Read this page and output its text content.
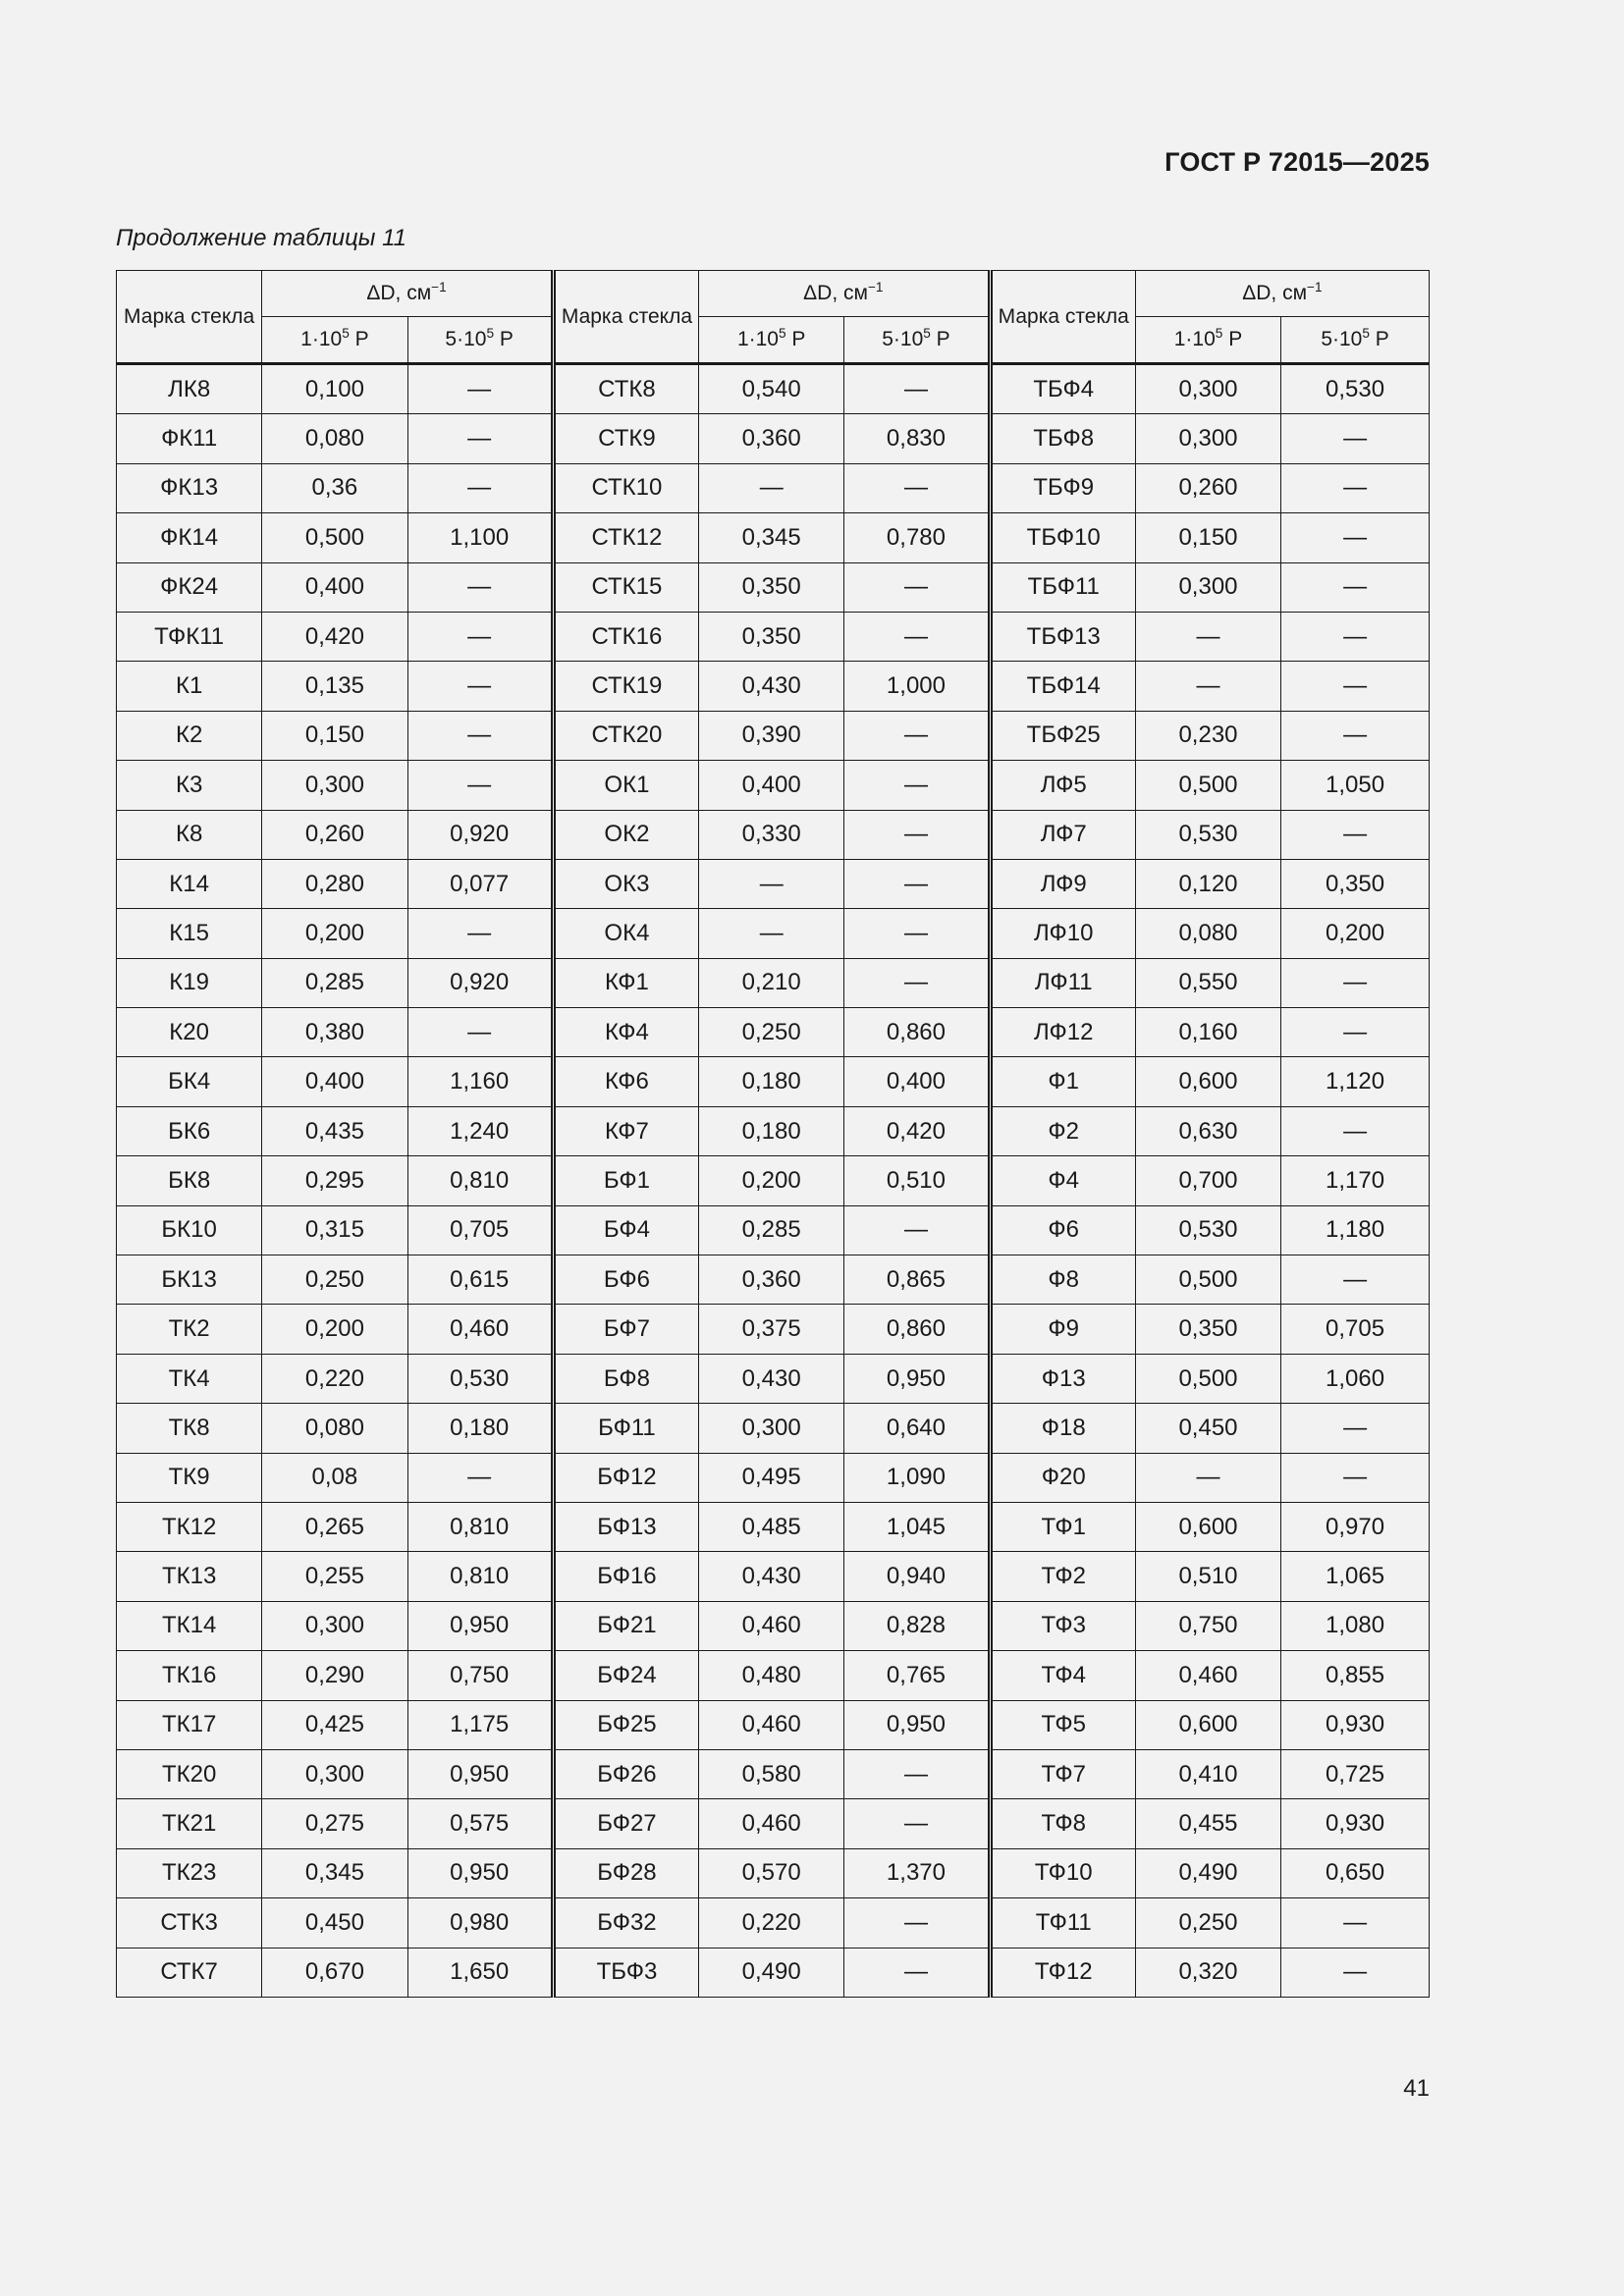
ГОСТ Р 72015—2025
Продолжение таблицы 11
Марка стекла	ΔD, $см^{-1}$		Марка стекла	ΔD, $см^{-1}$		Марка стекла	ΔD, $см^{-1}$
	$1\cdot 10^5$ Р	$5\cdot 10^5$ Р		$1\cdot 10^5$ Р	$5\cdot 10^5$ Р		$1\cdot 10^5$ Р	$5\cdot 10^5$ Р
ЛК8	0,100	—	СТК8	0,540	—	ТБФ4	0,300	0,530
ФК11	0,080	—	СТК9	0,360	0,830	ТБФ8	0,300	—
ФК13	0,36	—	СТК10	—	—	ТБФ9	0,260	—
ФК14	0,500	1,100	СТК12	0,345	0,780	ТБФ10	0,150	—
ФК24	0,400	—	СТК15	0,350	—	ТБФ11	0,300	—
ТФК11	0,420	—	СТК16	0,350	—	ТБФ13	—	—
К1	0,135	—	СТК19	0,430	1,000	ТБФ14	—	—
К2	0,150	—	СТК20	0,390	—	ТБФ25	0,230	—
К3	0,300	—	ОК1	0,400	—	ЛФ5	0,500	1,050
К8	0,260	0,920	ОК2	0,330	—	ЛФ7	0,530	—
К14	0,280	0,077	ОК3	—	—	ЛФ9	0,120	0,350
К15	0,200	—	ОК4	—	—	ЛФ10	0,080	0,200
К19	0,285	0,920	КФ1	0,210	—	ЛФ11	0,550	—
К20	0,380	—	КФ4	0,250	0,860	ЛФ12	0,160	—
БК4	0,400	1,160	КФ6	0,180	0,400	Ф1	0,600	1,120
БК6	0,435	1,240	КФ7	0,180	0,420	Ф2	0,630	—
БК8	0,295	0,810	БФ1	0,200	0,510	Ф4	0,700	1,170
БК10	0,315	0,705	БФ4	0,285	—	Ф6	0,530	1,180
БК13	0,250	0,615	БФ6	0,360	0,865	Ф8	0,500	—
ТК2	0,200	0,460	БФ7	0,375	0,860	Ф9	0,350	0,705
ТК4	0,220	0,530	БФ8	0,430	0,950	Ф13	0,500	1,060
ТК8	0,080	0,180	БФ11	0,300	0,640	Ф18	0,450	—
ТК9	0,08	—	БФ12	0,495	1,090	Ф20	—	—
ТК12	0,265	0,810	БФ13	0,485	1,045	ТФ1	0,600	0,970
ТК13	0,255	0,810	БФ16	0,430	0,940	ТФ2	0,510	1,065
ТК14	0,300	0,950	БФ21	0,460	0,828	ТФ3	0,750	1,080
ТК16	0,290	0,750	БФ24	0,480	0,765	ТФ4	0,460	0,855
ТК17	0,425	1,175	БФ25	0,460	0,950	ТФ5	0,600	0,930
ТК20	0,300	0,950	БФ26	0,580	—	ТФ7	0,410	0,725
ТК21	0,275	0,575	БФ27	0,460	—	ТФ8	0,455	0,930
ТК23	0,345	0,950	БФ28	0,570	1,370	ТФ10	0,490	0,650
СТК3	0,450	0,980	БФ32	0,220	—	ТФ11	0,250	—
СТК7	0,670	1,650	ТБФ3	0,490	—	ТФ12	0,320	—
41
